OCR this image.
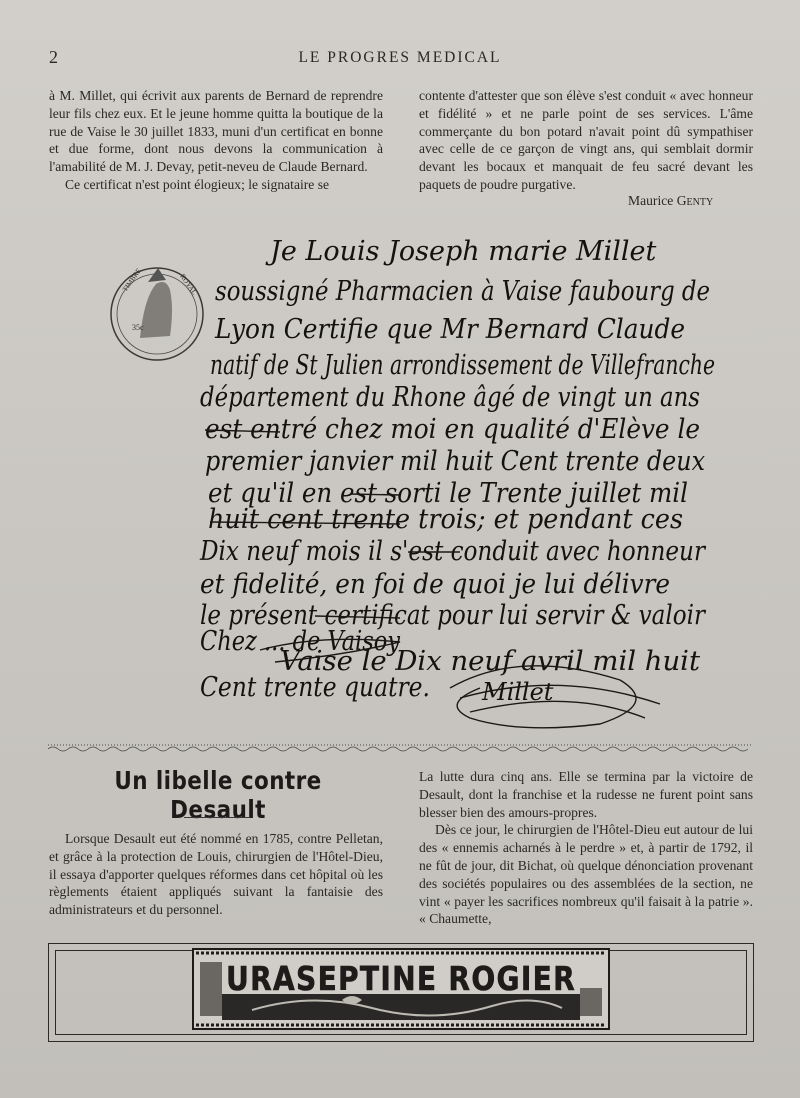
2	LE PROGRES MEDICAL

à M. Millet, qui écrivit aux parents de Bernard de reprendre leur fils chez eux. Et le jeune homme quitta la boutique de la rue de Vaise le 30 juillet 1833, muni d'un certificat en bonne et due forme, dont nous devons la communication à l'amabilité de M. J. Devay, petit-neveu de Claude Bernard.

Ce certificat n'est point élogieux; le signataire se

contente d'attester que son élève s'est conduit « avec honneur et fidélité » et ne parle point de ses services. L'âme commerçante du bon potard n'avait point dû sympathiser avec celle de ce garçon de vingt ans, qui semblait dormir devant les bocaux et manquait de feu sacré devant les paquets de poudre purgative.

Maurice Genty
TIMBRE	ROYAL
35c
Je Louis Joseph marie Millet
soussigné Pharmacien à Vaise faubourg de
Lyon Certifie que Mr Bernard Claude
natif de St Julien arrondissement de Villefranche
département du Rhone âgé de vingt un ans
est entré chez moi en qualité d'Elève le
premier janvier mil huit Cent trente deux
et qu'il en est sorti le Trente juillet mil
huit cent trente trois; et pendant ces
Dix neuf mois il s'est conduit avec honneur
et fidelité, en foi de quoi je lui délivre
le présent certificat pour lui servir & valoir
Chez ... de Vaisoy
Vaise le Dix neuf avril mil huit
Cent trente quatre. Millet
Un libelle contre Desault

Lorsque Desault eut été nommé en 1785, contre Pelletan, et grâce à la protection de Louis, chirurgien de l'Hôtel-Dieu, il essaya d'apporter quelques réformes dans cet hôpital où les règlements étaient appliqués suivant la fantaisie des administrateurs et du personnel.

La lutte dura cinq ans. Elle se termina par la victoire de Desault, dont la franchise et la rudesse ne furent point sans blesser bien des amours-propres.

Dès ce jour, le chirurgien de l'Hôtel-Dieu eut autour de lui des « ennemis acharnés à le perdre » et, à partir de 1792, il ne fût de jour, dit Bichat, où quelque dénonciation provenant des sociétés populaires ou des assemblées de la section, ne vint « payer les sacrifices nombreux qu'il faisait à la patrie ». « Chaumette,

URASEPTINE ROGIER
